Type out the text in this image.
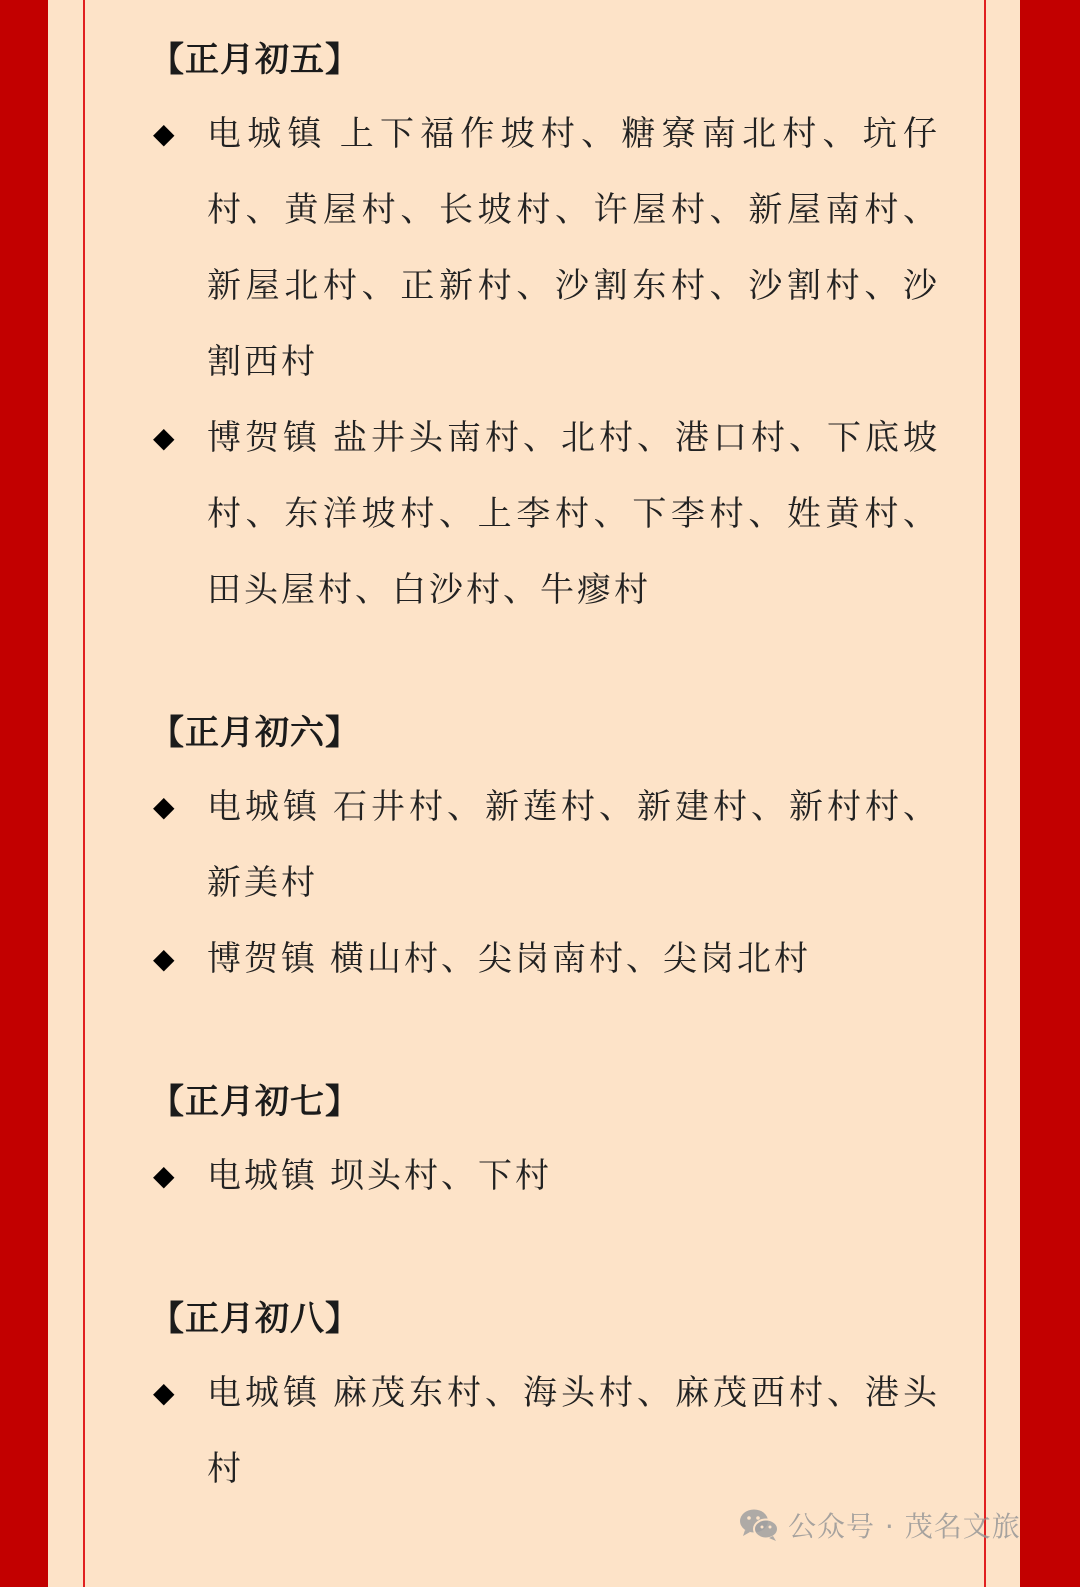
【正月初五】
◆ 电城镇 上下福作坡村、糖寮南北村、坑仔村、黄屋村、长坡村、许屋村、新屋南村、新屋北村、正新村、沙割东村、沙割村、沙割西村
◆ 博贺镇 盐井头南村、北村、港口村、下底坡村、东洋坡村、上李村、下李村、姓黄村、田头屋村、白沙村、牛瘳村
【正月初六】
◆ 电城镇 石井村、新莲村、新建村、新村村、新美村
◆ 博贺镇 横山村、尖岗南村、尖岗北村
【正月初七】
◆ 电城镇 坝头村、下村
【正月初八】
◆ 电城镇 麻茂东村、海头村、麻茂西村、港头村
公众号 · 茂名文旅
